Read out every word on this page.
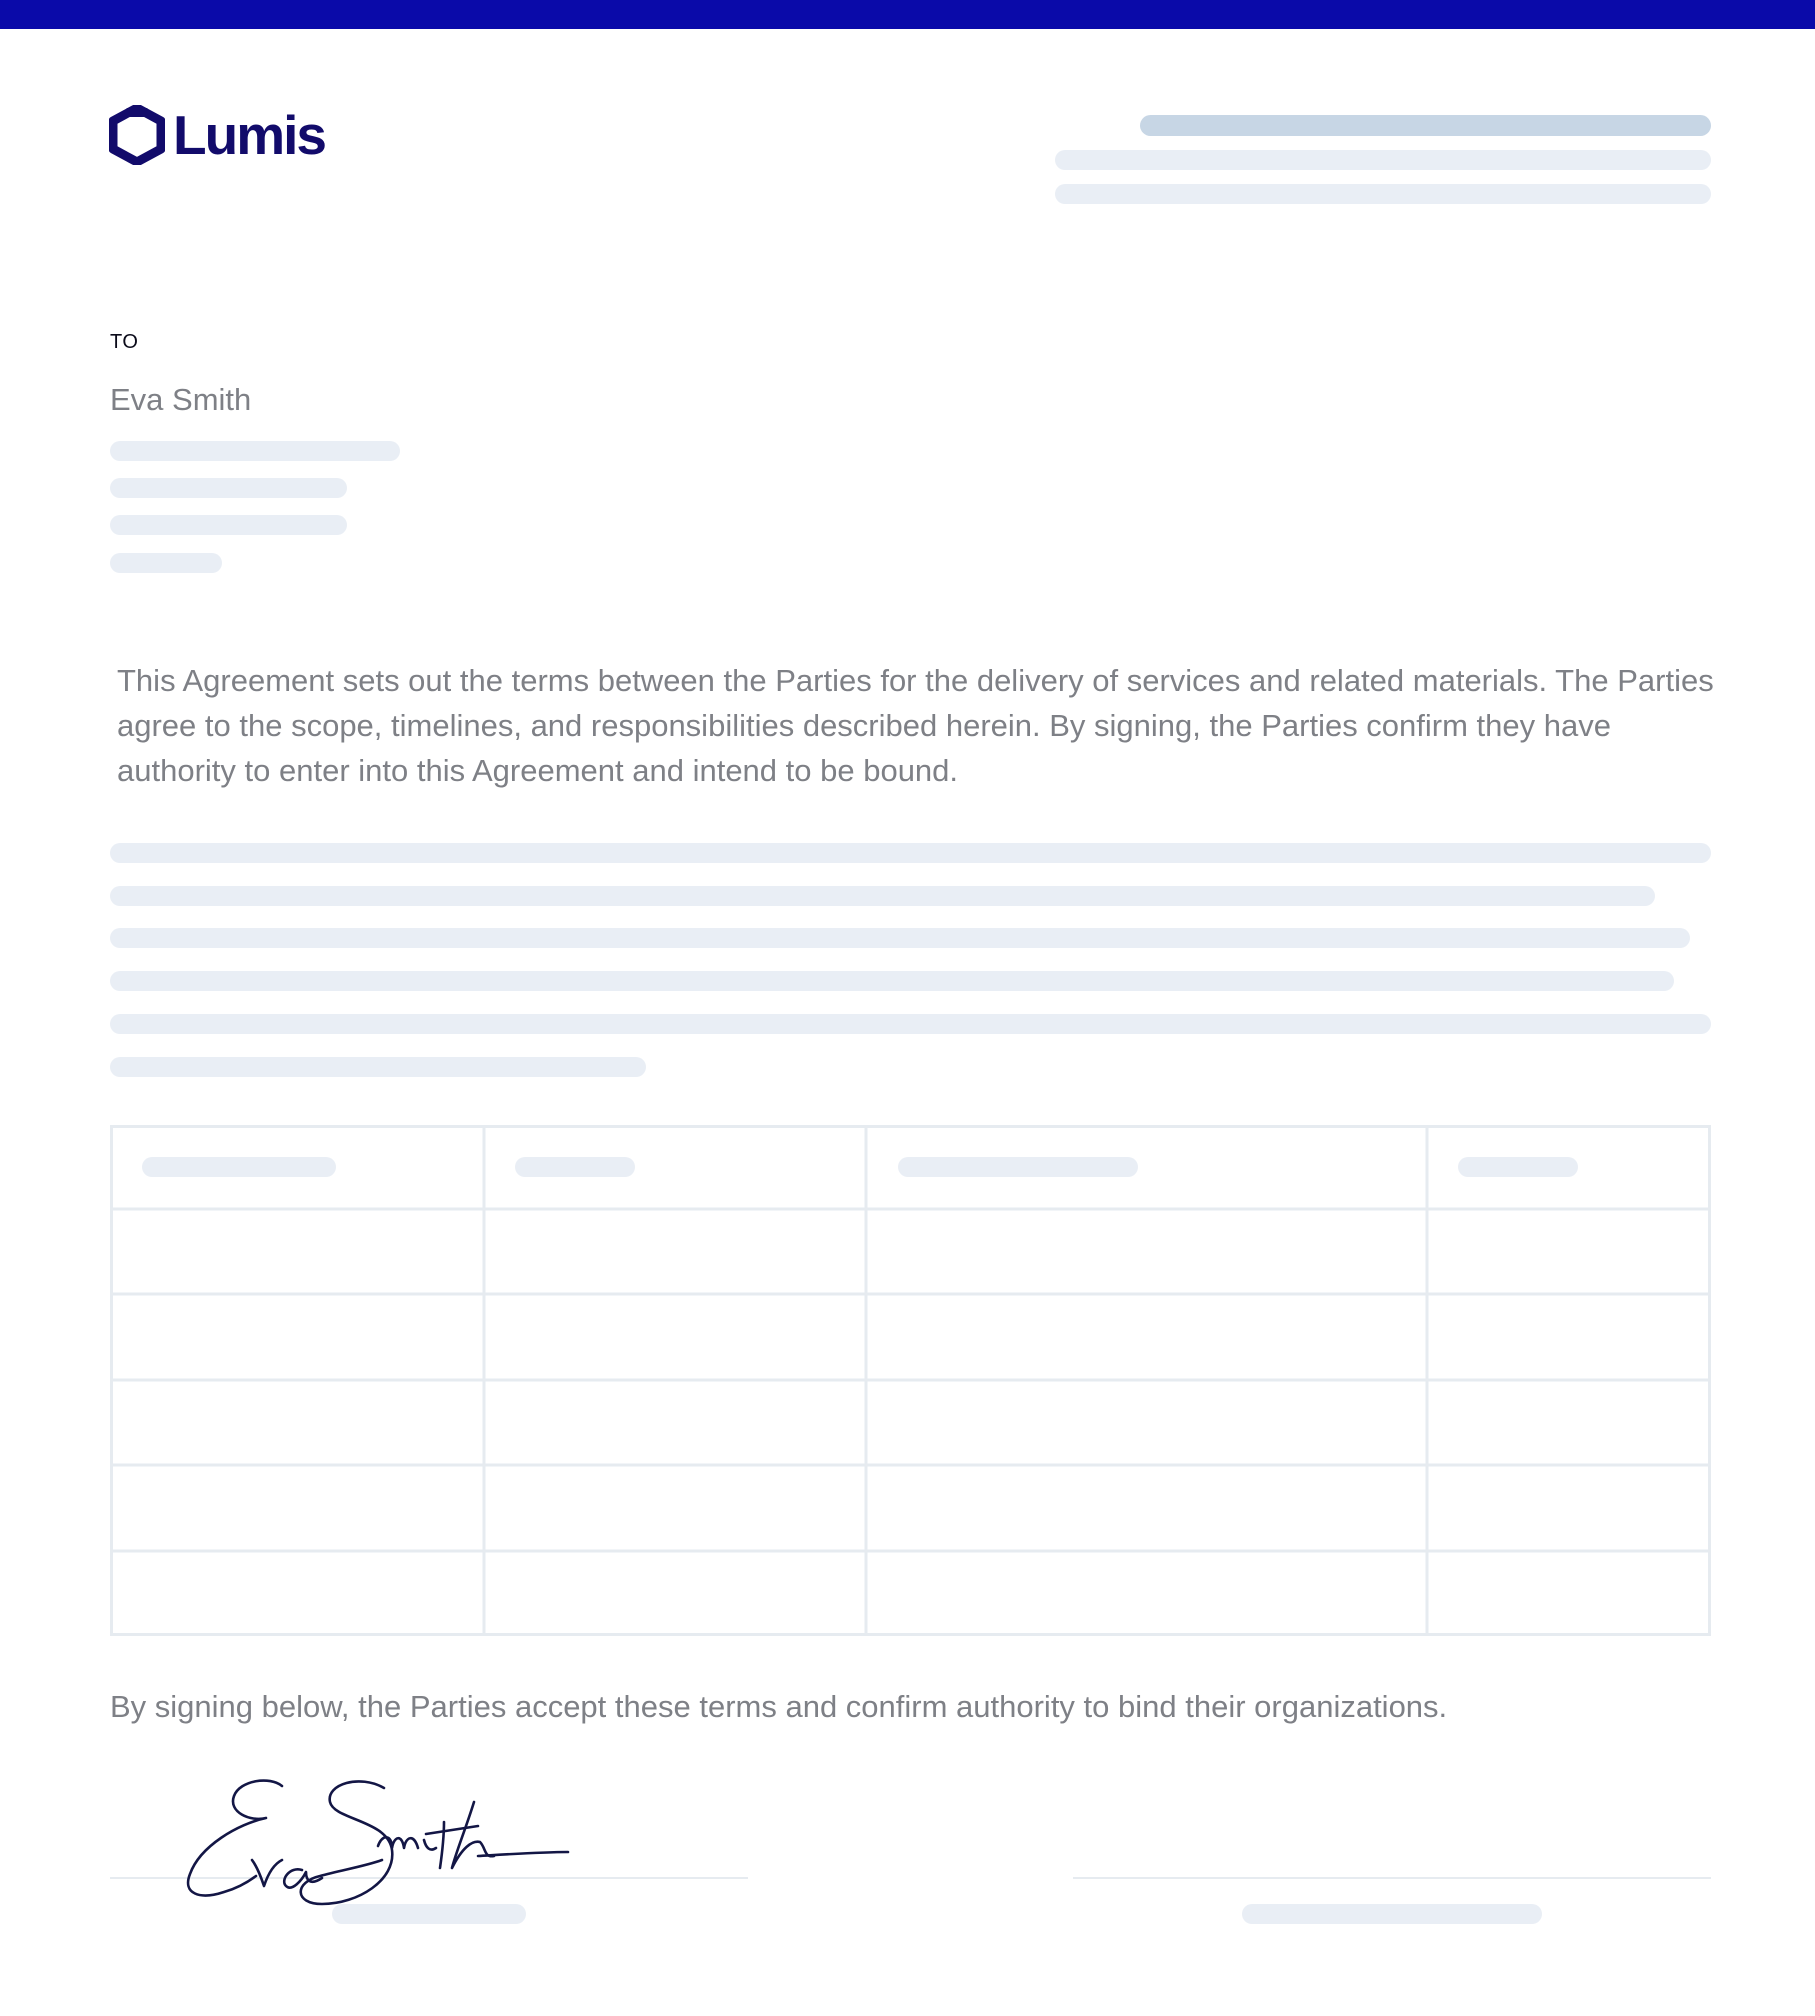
Lumis
TO
Eva Smith

This Agreement sets out the terms between the Parties for the delivery of services and related materials. The Parties agree to the scope, timelines, and responsibilities described herein. By signing, the Parties confirm they have authority to enter into this Agreement and intend to be bound.

By signing below, the Parties accept these terms and confirm authority to bind their organizations.
